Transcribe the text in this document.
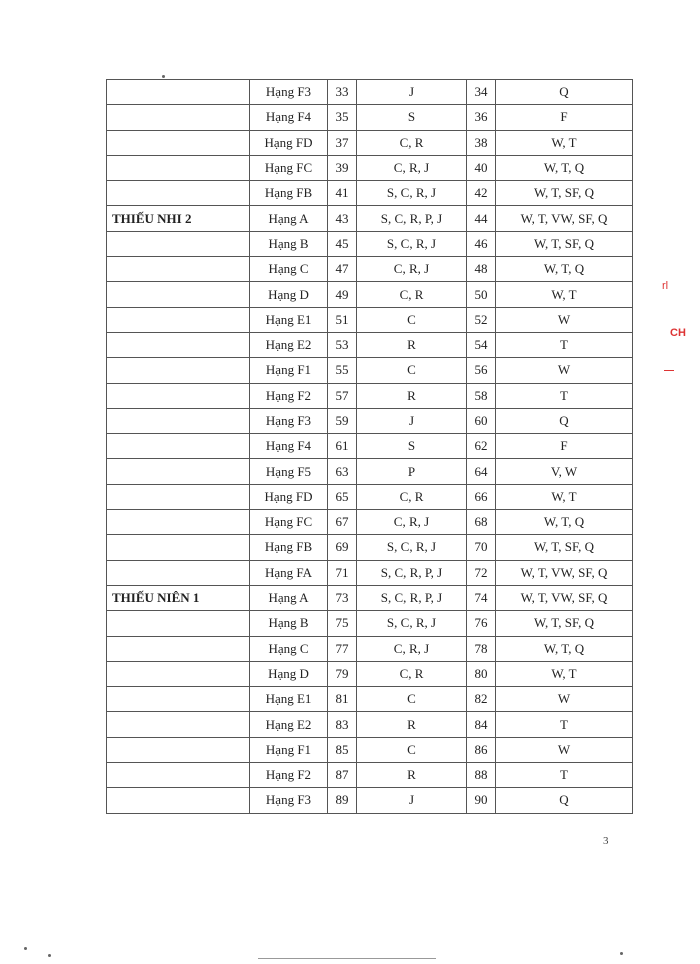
	Hạng F3	33	J	34	Q
	Hạng F4	35	S	36	F
	Hạng FD	37	C, R	38	W, T
	Hạng FC	39	C, R, J	40	W, T, Q
	Hạng FB	41	S, C, R, J	42	W, T, SF, Q
THIẾU NHI 2	Hạng A	43	S, C, R, P, J	44	W, T, VW, SF, Q
	Hạng B	45	S, C, R, J	46	W, T, SF, Q
	Hạng C	47	C, R, J	48	W, T, Q
	Hạng D	49	C, R	50	W, T
	Hạng E1	51	C	52	W
	Hạng E2	53	R	54	T
	Hạng F1	55	C	56	W
	Hạng F2	57	R	58	T
	Hạng F3	59	J	60	Q
	Hạng F4	61	S	62	F
	Hạng F5	63	P	64	V, W
	Hạng FD	65	C, R	66	W, T
	Hạng FC	67	C, R, J	68	W, T, Q
	Hạng FB	69	S, C, R, J	70	W, T, SF, Q
	Hạng FA	71	S, C, R, P, J	72	W, T, VW, SF, Q
THIẾU NIÊN 1	Hạng A	73	S, C, R, P, J	74	W, T, VW, SF, Q
	Hạng B	75	S, C, R, J	76	W, T, SF, Q
	Hạng C	77	C, R, J	78	W, T, Q
	Hạng D	79	C, R	80	W, T
	Hạng E1	81	C	82	W
	Hạng E2	83	R	84	T
	Hạng F1	85	C	86	W
	Hạng F2	87	R	88	T
	Hạng F3	89	J	90	Q
3
rl
CH
